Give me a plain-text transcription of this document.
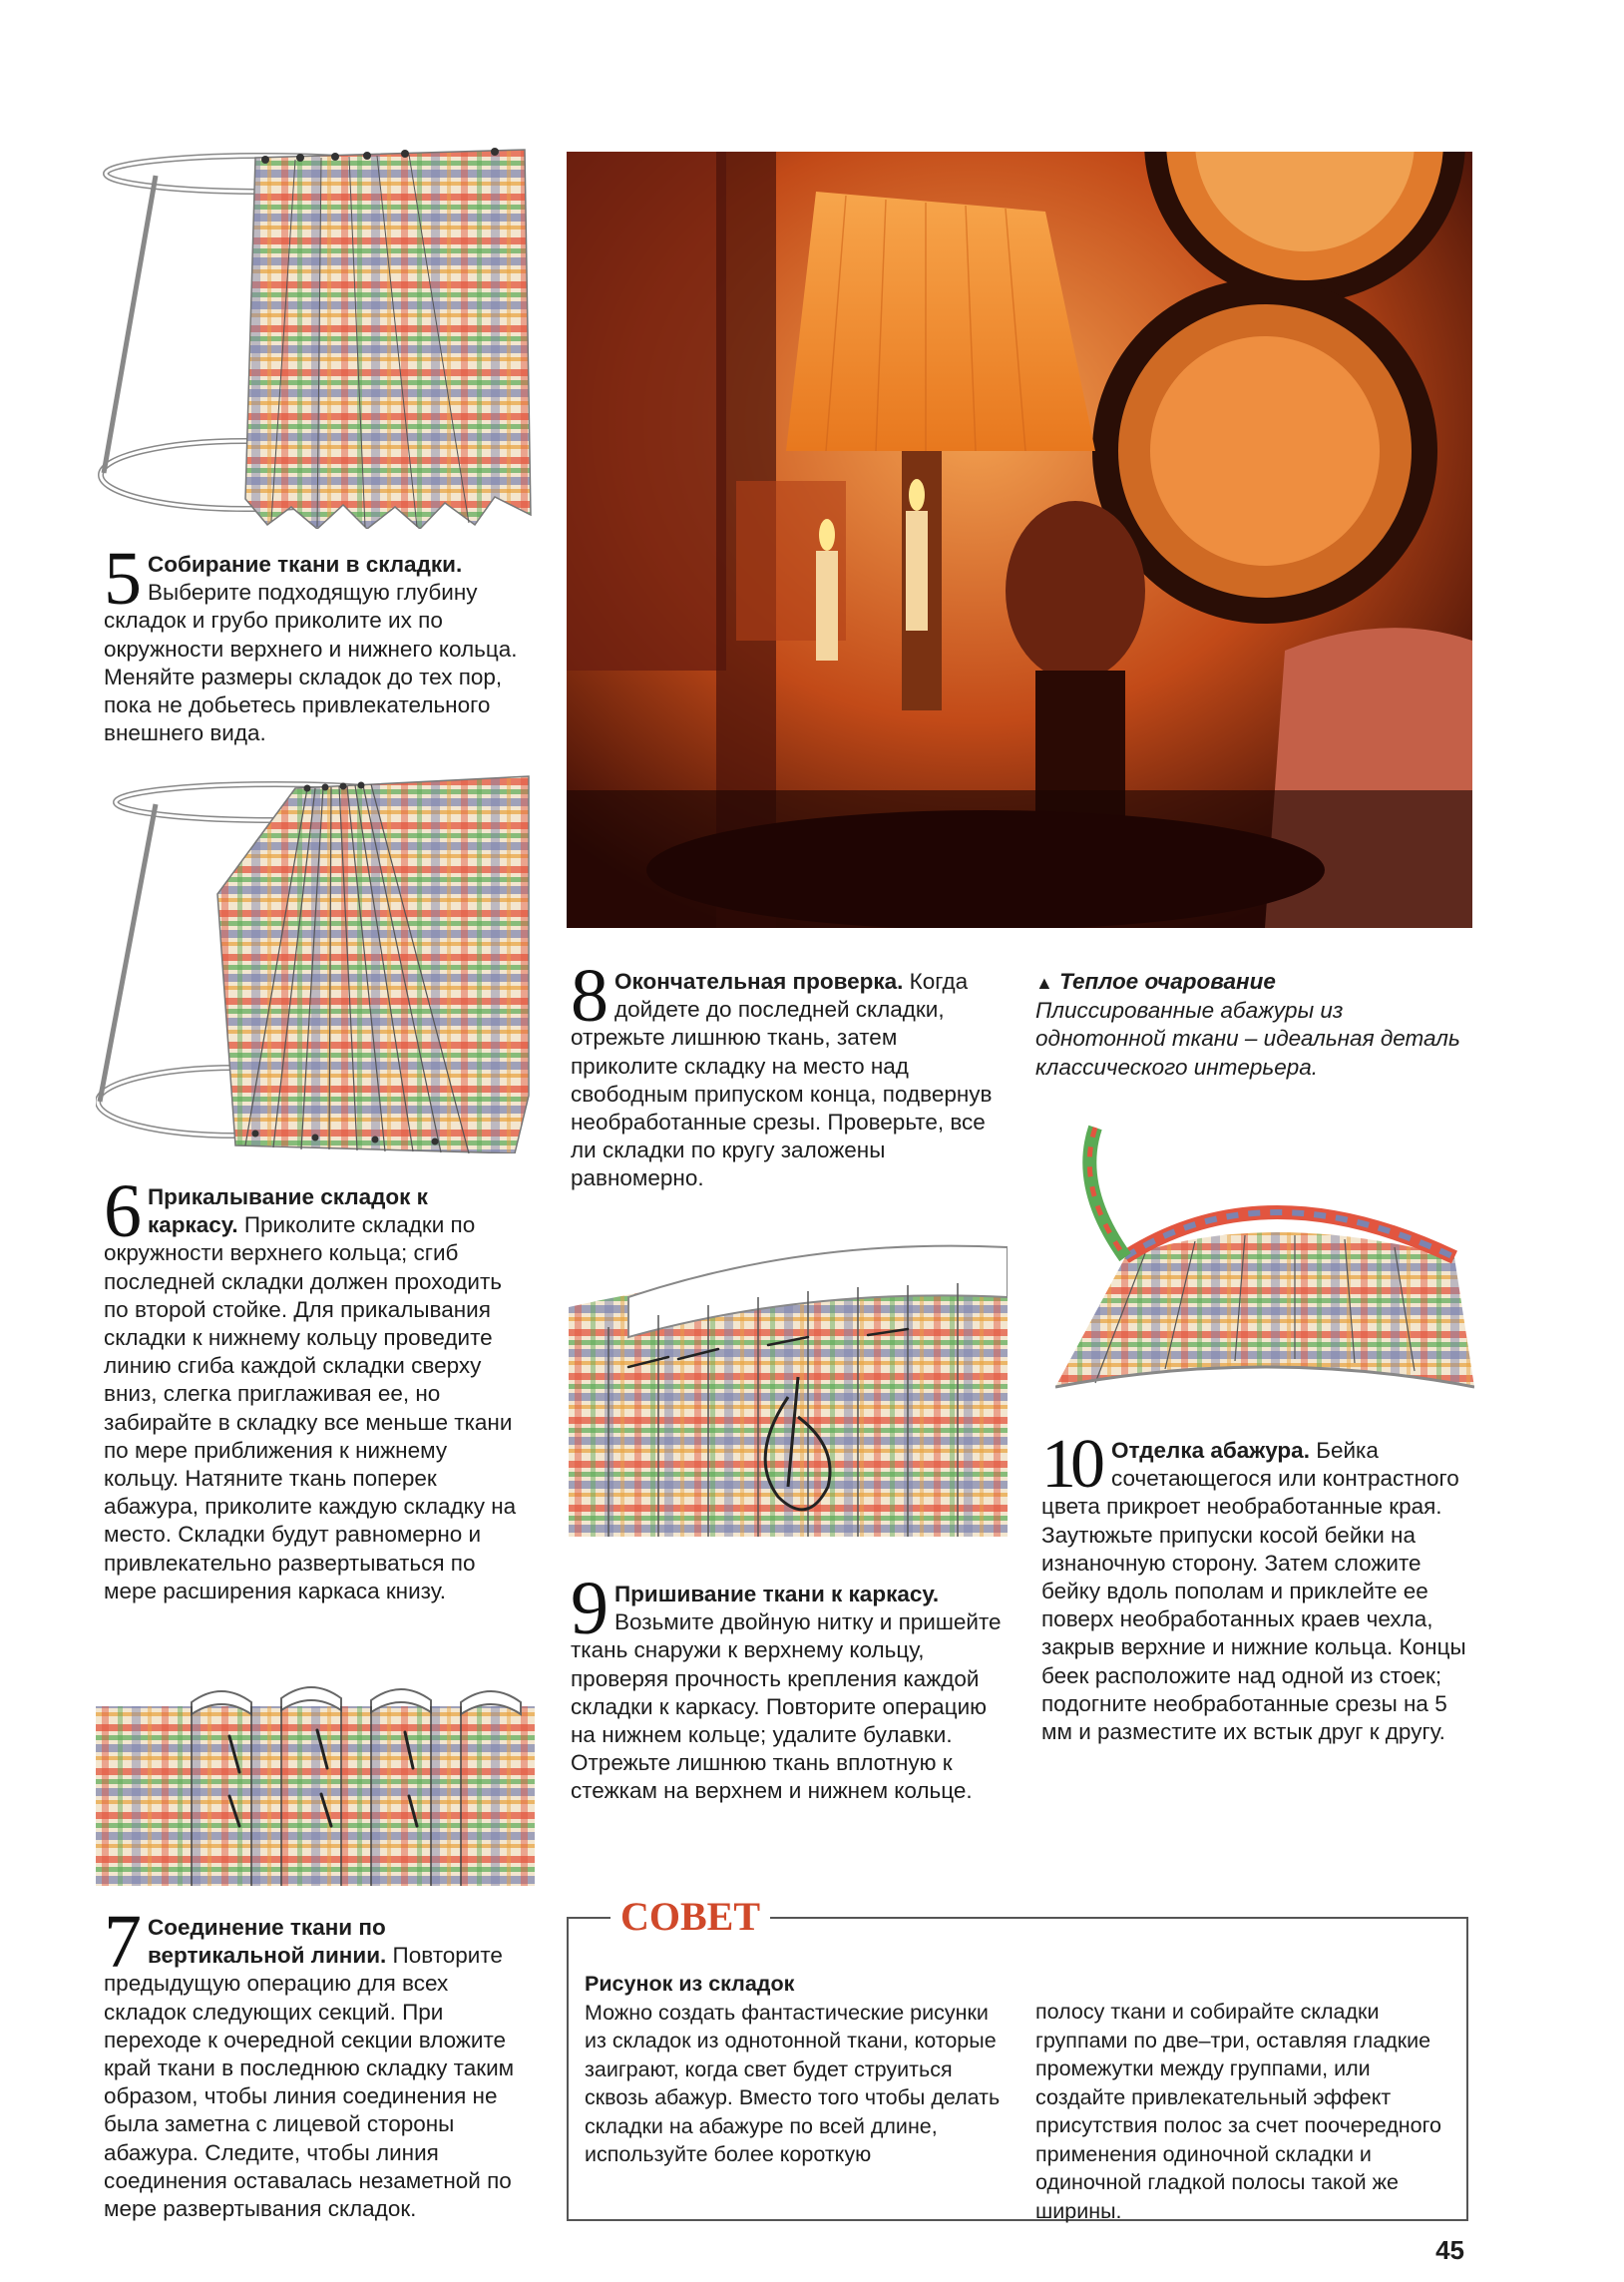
5 Собирание ткани в складки. Выберите подходящую глубину складок и грубо приколите их по окружности верхнего и нижнего кольца. Меняйте размеры складок до тех пор, пока не добьетесь привлекательного внешнего вида.
6 Прикалывание складок к каркасу. Приколите складки по окружности верхнего кольца; сгиб последней складки должен проходить по второй стойке. Для прикалывания складки к нижнему кольцу проведите линию сгиба каждой складки сверху вниз, слегка приглаживая ее, но забирайте в складку все меньше ткани по мере приближения к нижнему кольцу. Натяните ткань поперек абажура, приколите каждую складку на место. Складки будут равномерно и привлекательно развертываться по мере расширения каркаса книзу.
7 Соединение ткани по вертикальной линии. Повторите предыдущую операцию для всех складок следующих секций. При переходе к очередной секции вложите край ткани в последнюю складку таким образом, чтобы линия соединения не была заметна с лицевой стороны абажура. Следите, чтобы линия соединения оставалась незаметной по мере развертывания складок.
8 Окончательная проверка. Когда дойдете до последней складки, отрежьте лишнюю ткань, затем приколите складку на место над свободным припуском конца, подвернув необработанные срезы. Проверьте, все ли складки по кругу заложены равномерно.
▲ Теплое очарование
Плиссированные абажуры из однотонной ткани – идеальная деталь классического интерьера.
9 Пришивание ткани к каркасу. Возьмите двойную нитку и пришейте ткань снаружи к верхнему кольцу, проверяя прочность крепления каждой складки к каркасу. Повторите операцию на нижнем кольце; удалите булавки. Отрежьте лишнюю ткань вплотную к стежкам на верхнем и нижнем кольце.
10 Отделка абажура. Бейка сочетающегося или контрастного цвета прикроет необработанные края. Заутюжьте припуски косой бейки на изнаночную сторону. Затем сложите бейку вдоль пополам и приклейте ее поверх необработанных краев чехла, закрыв верхние и нижние кольца. Концы беек расположите над одной из стоек; подогните необработанные срезы на 5 мм и разместите их встык друг к другу.
СОВЕТ
Рисунок из складок
Можно создать фантастические рисунки из складок из однотонной ткани, которые заиграют, когда свет будет струиться сквозь абажур. Вместо того чтобы делать складки на абажуре по всей длине, используйте более короткую
полосу ткани и собирайте складки группами по две–три, оставляя гладкие промежутки между группами, или создайте привлекательный эффект присутствия полос за счет поочередного применения одиночной складки и одиночной гладкой полосы такой же ширины.
45
